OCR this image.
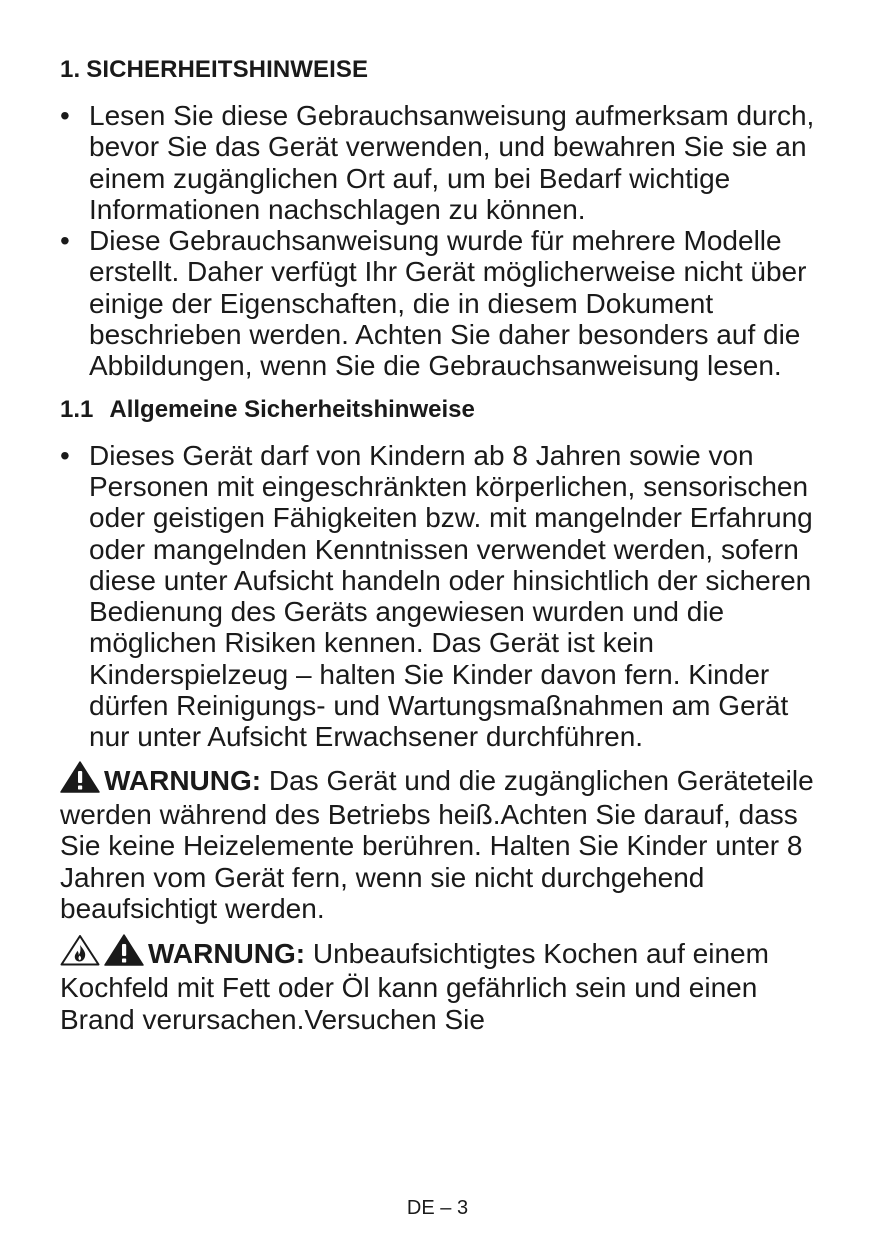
1. SICHERHEITSHINWEISE
• Lesen Sie diese Gebrauchsanweisung aufmerksam durch, bevor Sie das Gerät verwenden, und bewahren Sie sie an einem zugänglichen Ort auf, um bei Bedarf wichtige Informationen nachschlagen zu können.
• Diese Gebrauchsanweisung wurde für mehrere Modelle erstellt. Daher verfügt Ihr Gerät möglicherweise nicht über einige der Eigenschaften, die in diesem Dokument beschrieben werden. Achten Sie daher besonders auf die Abbildungen, wenn Sie die Gebrauchsanweisung lesen.
1.1 Allgemeine Sicherheitshinweise
• Dieses Gerät darf von Kindern ab 8 Jahren sowie von Personen mit eingeschränkten körperlichen, sensorischen oder geistigen Fähigkeiten bzw. mit mangelnder Erfahrung oder mangelnden Kenntnissen verwendet werden, sofern diese unter Aufsicht handeln oder hinsichtlich der sicheren Bedienung des Geräts angewiesen wurden und die möglichen Risiken kennen. Das Gerät ist kein Kinderspielzeug – halten Sie Kinder davon fern. Kinder dürfen Reinigungs- und Wartungsmaßnahmen am Gerät nur unter Aufsicht Erwachsener durchführen.

WARNUNG: Das Gerät und die zugänglichen Geräteteile werden während des Betriebs heiß.Achten Sie darauf, dass Sie keine Heizelemente berühren. Halten Sie Kinder unter 8 Jahren vom Gerät fern, wenn sie nicht durchgehend beaufsichtigt werden.

WARNUNG: Unbeaufsichtigtes Kochen auf einem Kochfeld mit Fett oder Öl kann gefährlich sein und einen Brand verursachen.Versuchen Sie

DE – 3
